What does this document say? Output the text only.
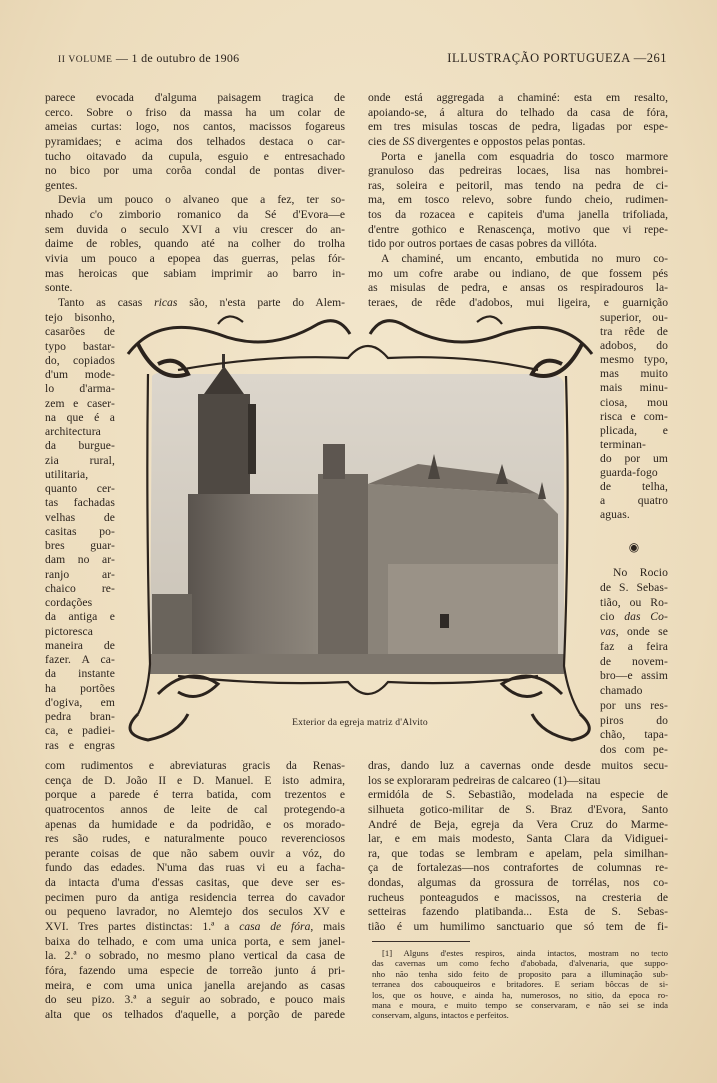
II VOLUME — 1 de outubro de 1906	ILLUSTRAÇÃO PORTUGUEZA —261
parece evocada d'alguma paisagem tragica de
cerco. Sobre o friso da massa ha um colar de
ameias curtas: logo, nos cantos, macissos fogareus
pyramidaes; e acima dos telhados destaca o car-
tucho oitavado da cupula, esguio e entresachado
no bico por uma corôa condal de pontas diver-
gentes.
Devia um pouco o alvaneo que a fez, ter so-
nhado c'o zimborio romanico da Sé d'Evora—e
sem duvida o seculo XVI a viu crescer do an-
daime de robles, quando até na colher do trolha
vivia um pouco a epopea das guerras, pelas fór-
mas heroicas que sabiam imprimir ao barro in-
sonte.
Tanto as casas ricas são, n'esta parte do Alem-
tejo bisonho,
casarões de
typo bastar-
do, copiados
d'um mode-
lo d'arma-
zem e caser-
na que é a
architectura
da burgue-
zia rural,
utilitaria,
quanto cer-
tas fachadas
velhas de
casitas po-
bres guar-
dam no ar-
ranjo ar-
chaico re-
cordações
da antiga e
pictoresca
maneira de
fazer. A ca-
da instante
ha portões
d'ogiva, em
pedra bran-
ca, e padiei-
ras e engras
com rudimentos e abreviaturas gracis da Renas-
cença de D. João II e D. Manuel. E isto admira,
porque a parede é terra batida, com trezentos e
quatrocentos annos de leite de cal protegendo-a
apenas da humidade e da podridão, e os morado-
res são rudes, e naturalmente pouco reverenciosos
perante coisas de que não sabem ouvir a vóz, do
fundo das edades. N'uma das ruas vi eu a facha-
da intacta d'uma d'essas casitas, que deve ser es-
pecimen puro da antiga residencia terrea do cavador
ou pequeno lavrador, no Alemtejo dos seculos XV e
XVI. Tres partes distinctas: 1.ª a casa de fóra, mais
baixa do telhado, e com uma unica porta, e sem janel-
la. 2.ª o sobrado, no mesmo plano vertical da casa de
fóra, fazendo uma especie de torreão junto á pri-
meira, e com uma unica janella arejando as casas
do seu pizo. 3.ª a seguir ao sobrado, e pouco mais
alta que os telhados d'aquelle, a porção de parede
onde está aggregada a chaminé: esta em resalto,
apoiando-se, á altura do telhado da casa de fóra,
em tres misulas toscas de pedra, ligadas por espe-
cies de SS divergentes e oppostos pelas pontas.
Porta e janella com esquadria do tosco marmore
granuloso das pedreiras locaes, lisa nas hombrei-
ras, soleira e peitoril, mas tendo na pedra de ci-
ma, em tosco relevo, sobre fundo cheio, rudimen-
tos da rozacea e capiteis d'uma janella trifoliada,
d'entre gothico e Renascença, motivo que vi repe-
tido por outros portaes de casas pobres da villóta.
A chaminé, um encanto, embutida no muro co-
mo um cofre arabe ou indiano, de que fossem pés
as misulas de pedra, e ansas os respiradouros la-
teraes, de rêde d'adobos, mui ligeira, e guarnição
superior, ou-
tra rêde de
adobos, do
mesmo typo,
mas muito
mais minu-
ciosa, mou
risca e com-
plicada, e
terminan-
do por um
guarda-fogo
de telha,
a quatro
aguas.
◉
No Rocio
de S. Sebas-
tião, ou Ro-
cio das Co-
vas, onde se
faz a feira
de novem-
bro—e assim
chamado
por uns res-
piros do
chão, tapa-
dos com pe-
dras, dando luz a cavernas onde desde muitos secu-
los se exploraram pedreiras de calcareo (1)—sitau
ermidóla de S. Sebastião, modelada na especie de
silhueta gotico-militar de S. Braz d'Evora, Santo
André de Beja, egreja da Vera Cruz do Marme-
lar, e em mais modesto, Santa Clara da Vidiguei-
ra, que todas se lembram e apelam, pela similhan-
ça de fortalezas—nos contrafortes de columnas re-
dondas, algumas da grossura de torrélas, nos co-
rucheus ponteagudos e macissos, na cresteria de
setteiras fazendo platibanda... Esta de S. Sebas-
tião é um humilimo sanctuario que só tem de fi-
[1] Alguns d'estes respiros, ainda intactos, mostram no tecto
das cavernas um como fecho d'abobada, d'alvenaria, que suppo-
nho não tenha sido feito de proposito para a illuminação sub-
terranea dos cabouqueiros e britadores. E seriam bôccas de si-
los, que os houve, e ainda ha, numerosos, no sitio, da epoca ro-
mana e moura, e muito tempo se conservaram, e não sei se inda
conservam, alguns, intactos e perfeitos.
Exterior da egreja matriz d'Alvito
